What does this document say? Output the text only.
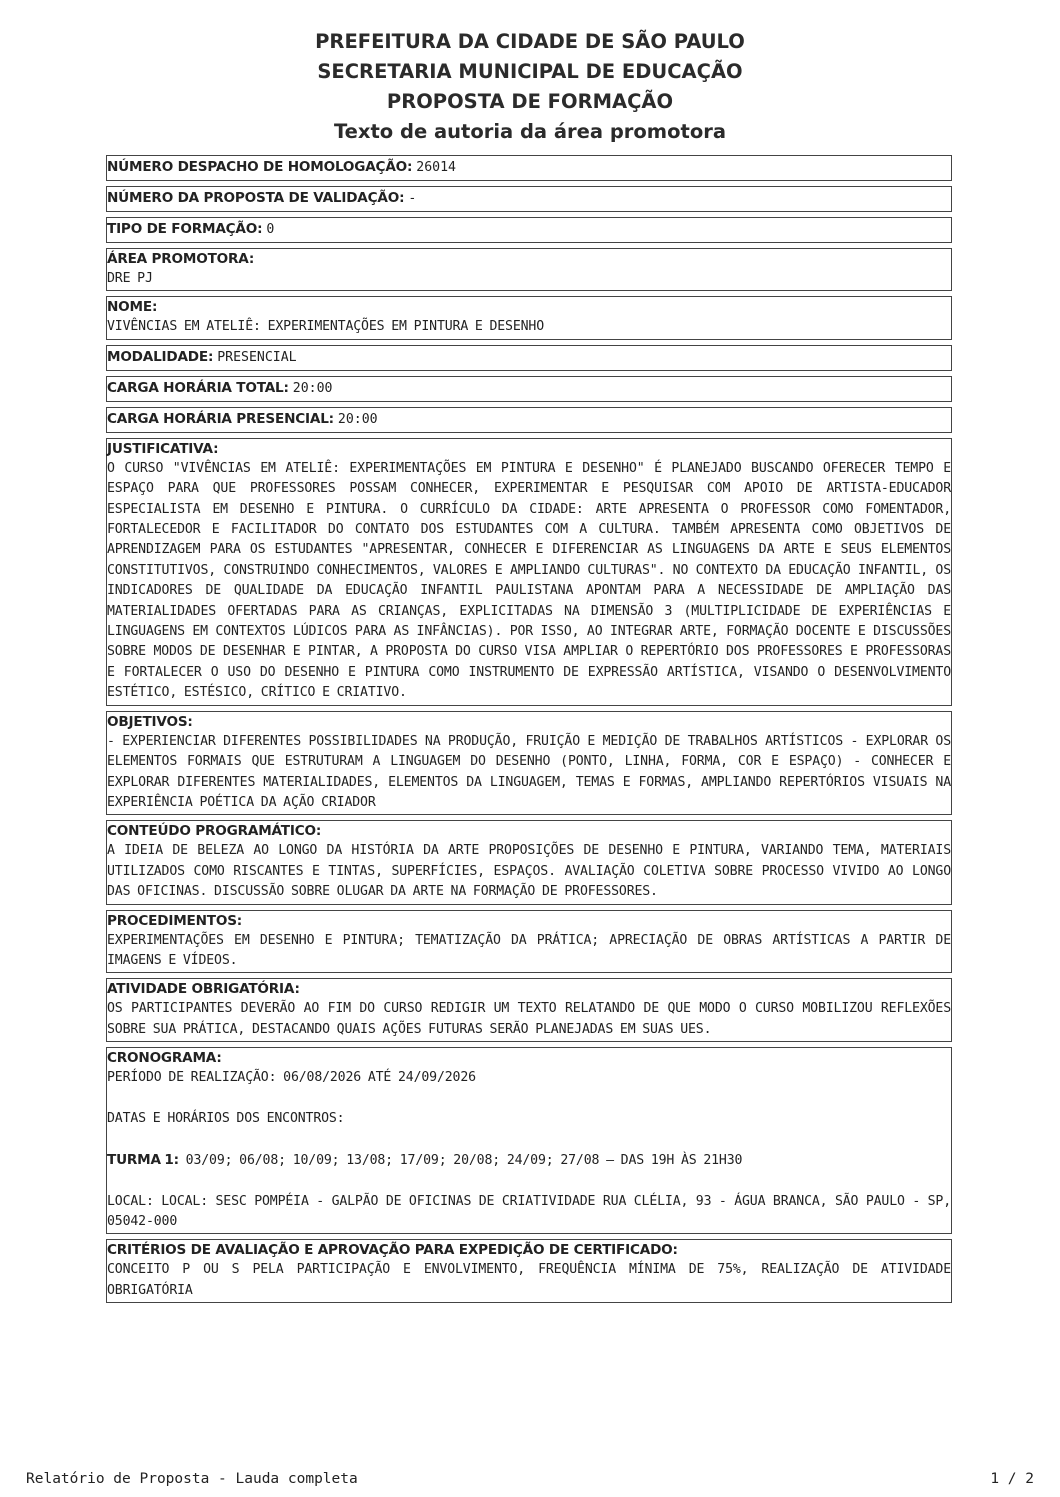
PREFEITURA DA CIDADE DE SÃO PAULO
SECRETARIA MUNICIPAL DE EDUCAÇÃO
PROPOSTA DE FORMAÇÃO
Texto de autoria da área promotora
NÚMERO DESPACHO DE HOMOLOGAÇÃO: 26014
NÚMERO DA PROPOSTA DE VALIDAÇÃO: -
TIPO DE FORMAÇÃO: 0
ÁREA PROMOTORA:
DRE PJ
NOME:
VIVÊNCIAS EM ATELIÊ: EXPERIMENTAÇÕES EM PINTURA E DESENHO
MODALIDADE: PRESENCIAL
CARGA HORÁRIA TOTAL: 20:00
CARGA HORÁRIA PRESENCIAL: 20:00
JUSTIFICATIVA:
O CURSO "VIVÊNCIAS EM ATELIÊ: EXPERIMENTAÇÕES EM PINTURA E DESENHO" É PLANEJADO BUSCANDO OFERECER TEMPO E ESPAÇO PARA QUE PROFESSORES POSSAM CONHECER, EXPERIMENTAR E PESQUISAR COM APOIO DE ARTISTA-EDUCADOR ESPECIALISTA EM DESENHO E PINTURA. O CURRÍCULO DA CIDADE: ARTE APRESENTA O PROFESSOR COMO FOMENTADOR, FORTALECEDOR E FACILITADOR DO CONTATO DOS ESTUDANTES COM A CULTURA. TAMBÉM APRESENTA COMO OBJETIVOS DE APRENDIZAGEM PARA OS ESTUDANTES "APRESENTAR, CONHECER E DIFERENCIAR AS LINGUAGENS DA ARTE E SEUS ELEMENTOS CONSTITUTIVOS, CONSTRUINDO CONHECIMENTOS, VALORES E AMPLIANDO CULTURAS". NO CONTEXTO DA EDUCAÇÃO INFANTIL, OS INDICADORES DE QUALIDADE DA EDUCAÇÃO INFANTIL PAULISTANA APONTAM PARA A NECESSIDADE DE AMPLIAÇÃO DAS MATERIALIDADES OFERTADAS PARA AS CRIANÇAS, EXPLICITADAS NA DIMENSÃO 3 (MULTIPLICIDADE DE EXPERIÊNCIAS E LINGUAGENS EM CONTEXTOS LÚDICOS PARA AS INFÂNCIAS). POR ISSO, AO INTEGRAR ARTE, FORMAÇÃO DOCENTE E DISCUSSÕES SOBRE MODOS DE DESENHAR E PINTAR, A PROPOSTA DO CURSO VISA AMPLIAR O REPERTÓRIO DOS PROFESSORES E PROFESSORAS E FORTALECER O USO DO DESENHO E PINTURA COMO INSTRUMENTO DE EXPRESSÃO ARTÍSTICA, VISANDO O DESENVOLVIMENTO ESTÉTICO, ESTÉSICO, CRÍTICO E CRIATIVO.
OBJETIVOS:
- EXPERIENCIAR DIFERENTES POSSIBILIDADES NA PRODUÇÃO, FRUIÇÃO E MEDIÇÃO DE TRABALHOS ARTÍSTICOS - EXPLORAR OS ELEMENTOS FORMAIS QUE ESTRUTURAM A LINGUAGEM DO DESENHO (PONTO, LINHA, FORMA, COR E ESPAÇO) - CONHECER E EXPLORAR DIFERENTES MATERIALIDADES, ELEMENTOS DA LINGUAGEM, TEMAS E FORMAS, AMPLIANDO REPERTÓRIOS VISUAIS NA EXPERIÊNCIA POÉTICA DA AÇÃO CRIADOR
CONTEÚDO PROGRAMÁTICO:
A IDEIA DE BELEZA AO LONGO DA HISTÓRIA DA ARTE PROPOSIÇÕES DE DESENHO E PINTURA, VARIANDO TEMA, MATERIAIS UTILIZADOS COMO RISCANTES E TINTAS, SUPERFÍCIES, ESPAÇOS. AVALIAÇÃO COLETIVA SOBRE PROCESSO VIVIDO AO LONGO DAS OFICINAS. DISCUSSÃO SOBRE OLUGAR DA ARTE NA FORMAÇÃO DE PROFESSORES.
PROCEDIMENTOS:
EXPERIMENTAÇÕES EM DESENHO E PINTURA; TEMATIZAÇÃO DA PRÁTICA; APRECIAÇÃO DE OBRAS ARTÍSTICAS A PARTIR DE IMAGENS E VÍDEOS.
ATIVIDADE OBRIGATÓRIA:
OS PARTICIPANTES DEVERÃO AO FIM DO CURSO REDIGIR UM TEXTO RELATANDO DE QUE MODO O CURSO MOBILIZOU REFLEXÕES SOBRE SUA PRÁTICA, DESTACANDO QUAIS AÇÕES FUTURAS SERÃO PLANEJADAS EM SUAS UES.
CRONOGRAMA:
PERÍODO DE REALIZAÇÃO: 06/08/2026 ATÉ 24/09/2026
DATAS E HORÁRIOS DOS ENCONTROS:
TURMA 1: 03/09; 06/08; 10/09; 13/08; 17/09; 20/08; 24/09; 27/08 — DAS 19H ÀS 21H30
LOCAL: LOCAL: SESC POMPÉIA - GALPÃO DE OFICINAS DE CRIATIVIDADE RUA CLÉLIA, 93 - ÁGUA BRANCA, SÃO PAULO - SP, 05042-000
CRITÉRIOS DE AVALIAÇÃO E APROVAÇÃO PARA EXPEDIÇÃO DE CERTIFICADO:
CONCEITO P OU S PELA PARTICIPAÇÃO E ENVOLVIMENTO, FREQUÊNCIA MÍNIMA DE 75%, REALIZAÇÃO DE ATIVIDADE OBRIGATÓRIA
Relatório de Proposta - Lauda completa	1 / 2
